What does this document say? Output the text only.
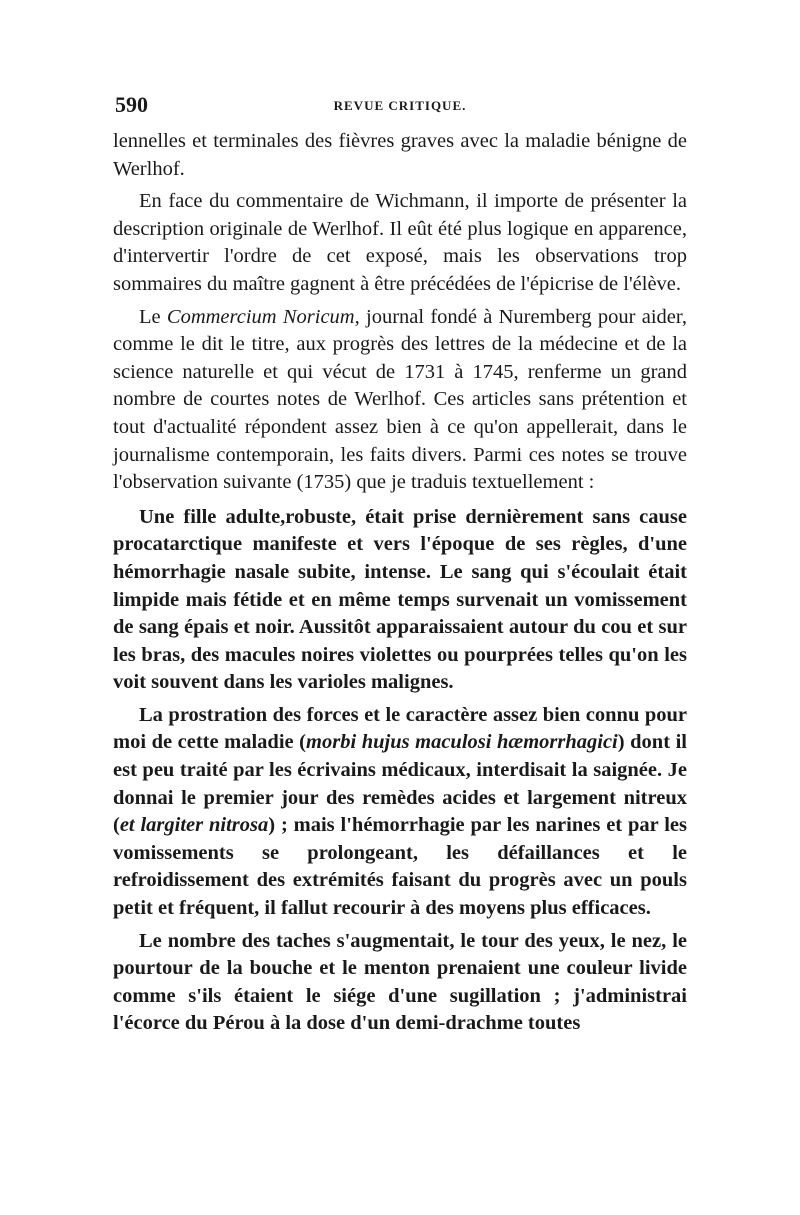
590	REVUE CRITIQUE.

lennelles et terminales des fièvres graves avec la maladie bénigne de Werlhof.

En face du commentaire de Wichmann, il importe de présenter la description originale de Werlhof. Il eût été plus logique en apparence, d'intervertir l'ordre de cet exposé, mais les observations trop sommaires du maître gagnent à être précédées de l'épicrise de l'élève.

Le Commercium Noricum, journal fondé à Nuremberg pour aider, comme le dit le titre, aux progrès des lettres de la médecine et de la science naturelle et qui vécut de 1731 à 1745, renferme un grand nombre de courtes notes de Werlhof. Ces articles sans prétention et tout d'actualité répondent assez bien à ce qu'on appellerait, dans le journalisme contemporain, les faits divers. Parmi ces notes se trouve l'observation suivante (1735) que je traduis textuellement :

Une fille adulte,robuste, était prise dernièrement sans cause procatarctique manifeste et vers l'époque de ses règles, d'une hémorrhagie nasale subite, intense. Le sang qui s'écoulait était limpide mais fétide et en même temps survenait un vomissement de sang épais et noir. Aussitôt apparaissaient autour du cou et sur les bras, des macules noires violettes ou pourprées telles qu'on les voit souvent dans les varioles malignes.

La prostration des forces et le caractère assez bien connu pour moi de cette maladie (morbi hujus maculosi hæmorrhagici) dont il est peu traité par les écrivains médicaux, interdisait la saignée. Je donnai le premier jour des remèdes acides et largement nitreux (et largiter nitrosa) ; mais l'hémorrhagie par les narines et par les vomissements se prolongeant, les défaillances et le refroidissement des extrémités faisant du progrès avec un pouls petit et fréquent, il fallut recourir à des moyens plus efficaces.

Le nombre des taches s'augmentait, le tour des yeux, le nez, le pourtour de la bouche et le menton prenaient une couleur livide comme s'ils étaient le siége d'une sugillation ; j'administrai l'écorce du Pérou à la dose d'un demi-drachme toutes
